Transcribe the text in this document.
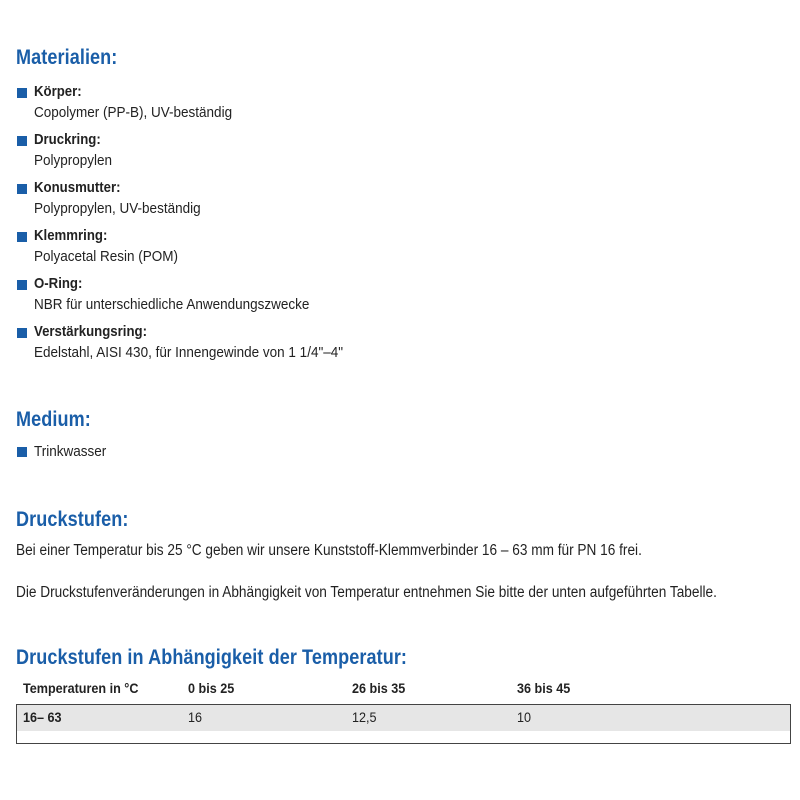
Materialien:
Körper:
Copolymer (PP-B), UV-beständig
Druckring:
Polypropylen
Konusmutter:
Polypropylen, UV-beständig
Klemmring:
Polyacetal Resin (POM)
O-Ring:
NBR für unterschiedliche Anwendungszwecke
Verstärkungsring:
Edelstahl, AISI 430, für Innengewinde von 1 1/4"–4"
Medium:
Trinkwasser
Druckstufen:

Bei einer Temperatur bis 25 °C geben wir unsere Kunststoff-Klemmverbinder 16 – 63 mm für PN 16 frei.

Die Druckstufenveränderungen in Abhängigkeit von Temperatur entnehmen Sie bitte der unten aufgeführten Tabelle.

Druckstufen in Abhängigkeit der Temperatur:
Temperaturen in °C	0 bis 25	26 bis 35	36 bis 45
16– 63	16	12,5	10
